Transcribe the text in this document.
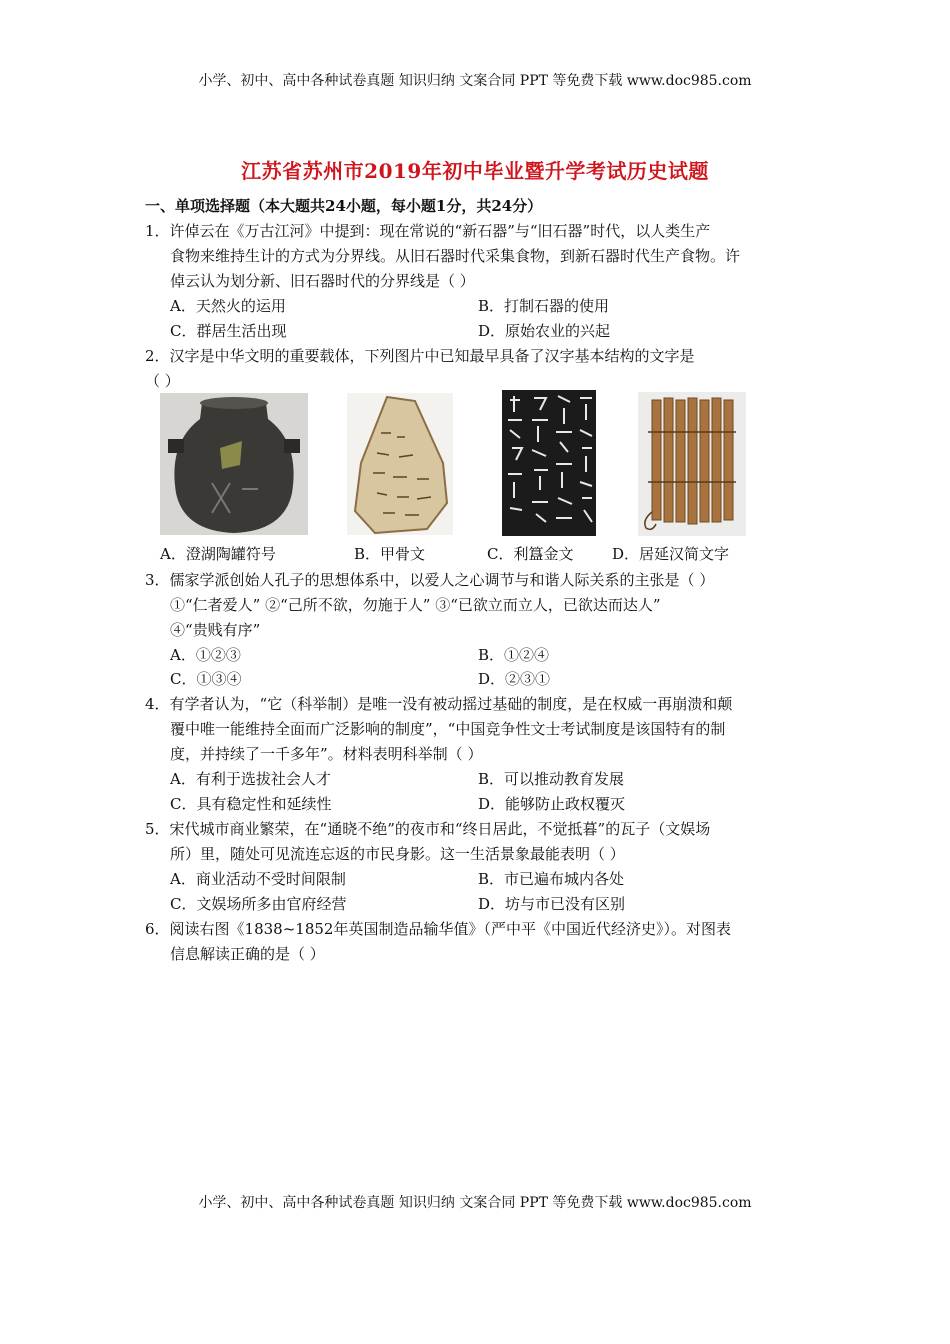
小学、初中、高中各种试卷真题 知识归纳 文案合同 PPT 等免费下载 www.doc985.com
江苏省苏州市2019年初中毕业暨升学考试历史试题
一、单项选择题（本大题共24小题，每小题1分，共24分）
1．许倬云在《万古江河》中提到：现在常说的“新石器”与“旧石器”时代，以人类生产
食物来维持生计的方式为分界线。从旧石器时代采集食物，到新石器时代生产食物。许
倬云认为划分新、旧石器时代的分界线是（ ）
A．天然火的运用	B．打制石器的使用
C．群居生活出现	D．原始农业的兴起
2．汉字是中华文明的重要载体，下列图片中已知最早具备了汉字基本结构的文字是
（ ）
A．澄湖陶罐符号	B．甲骨文	C．利簋金文	D．居延汉简文字
3．儒家学派创始人孔子的思想体系中，以爱人之心调节与和谐人际关系的主张是（ ）
①“仁者爱人” ②“己所不欲，勿施于人” ③“已欲立而立人，已欲达而达人”
④“贵贱有序”
A．①②③	B．①②④
C．①③④	D．②③①
4．有学者认为，“它（科举制）是唯一没有被动摇过基础的制度，是在权威一再崩溃和颠
覆中唯一能维持全面而广泛影响的制度”，“中国竞争性文士考试制度是该国特有的制
度，并持续了一千多年”。材料表明科举制（ ）
A．有利于选拔社会人才	B．可以推动教育发展
C．具有稳定性和延续性	D．能够防止政权覆灭
5．宋代城市商业繁荣，在“通晓不绝”的夜市和“终日居此，不觉抵暮”的瓦子（文娱场
所）里，随处可见流连忘返的市民身影。这一生活景象最能表明（ ）
A．商业活动不受时间限制	B．市已遍布城内各处
C．文娱场所多由官府经营	D．坊与市已没有区别
6．阅读右图《1838~1852年英国制造品输华值》（严中平《中国近代经济史》）。对图表
信息解读正确的是（ ）
小学、初中、高中各种试卷真题 知识归纳 文案合同 PPT 等免费下载 www.doc985.com
